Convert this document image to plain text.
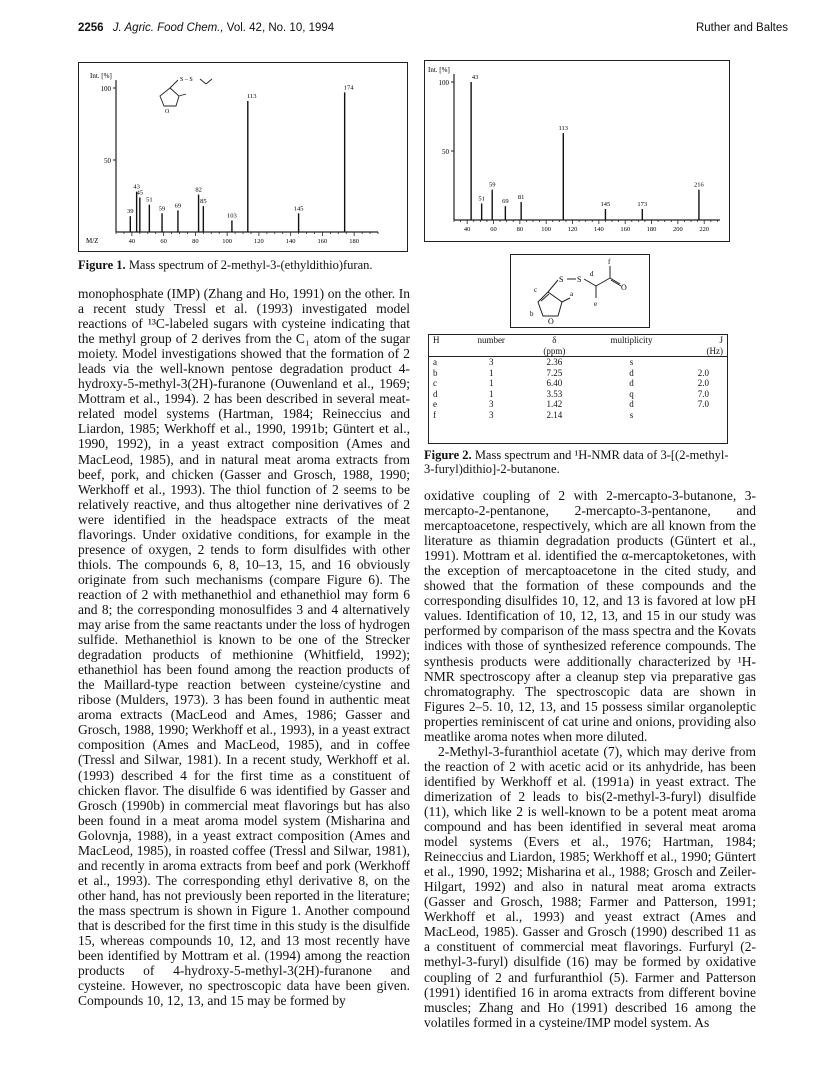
2256 J. Agric. Food Chem., Vol. 42, No. 10, 1994	Ruther and Baltes
Int. [%]
M/Z
100
50
40	60	80	100	120	140	160	180
39
43
45
51
59 69
82
85
103
113
145
174
S – S
O
Figure 1. Mass spectrum of 2-methyl-3-(ethyldithio)furan.
Int. [%]
100
50
40	60	80	100	120	140	160	180	200	220
43
51
59
69
81
113
145	173
216
O
a
b
c
S S
d
e
f
O
H	number	δ	multiplicity	J
		(ppm)		(Hz)
a	3	2.36	s	
b	1	7.25	d	2.0
c	1	6.40	d	2.0
d	1	3.53	q	7.0
e	3	1.42	d	7.0
f	3	2.14	s	
Figure 2. Mass spectrum and ¹H-NMR data of 3-[(2-methyl-3-furyl)dithio]-2-butanone.

monophosphate (IMP) (Zhang and Ho, 1991) on the other. In a recent study Tressl et al. (1993) investigated model reactions of ¹³C-labeled sugars with cysteine indicating that the methyl group of 2 derives from the C₁ atom of the sugar moiety. Model investigations showed that the formation of 2 leads via the well-known pentose degradation product 4-hydroxy-5-methyl-3(2H)-furanone (Ouwenland et al., 1969; Mottram et al., 1994). 2 has been described in several meat-related model systems (Hartman, 1984; Reineccius and Liardon, 1985; Werkhoff et al., 1990, 1991b; Güntert et al., 1990, 1992), in a yeast extract composition (Ames and MacLeod, 1985), and in natural meat aroma extracts from beef, pork, and chicken (Gasser and Grosch, 1988, 1990; Werkhoff et al., 1993). The thiol function of 2 seems to be relatively reactive, and thus altogether nine derivatives of 2 were identified in the headspace extracts of the meat flavorings. Under oxidative conditions, for example in the presence of oxygen, 2 tends to form disulfides with other thiols. The compounds 6, 8, 10–13, 15, and 16 obviously originate from such mechanisms (compare Figure 6). The reaction of 2 with methanethiol and ethanethiol may form 6 and 8; the corresponding monosulfides 3 and 4 alternatively may arise from the same reactants under the loss of hydrogen sulfide. Methanethiol is known to be one of the Strecker degradation products of methionine (Whitfield, 1992); ethanethiol has been found among the reaction products of the Maillard-type reaction between cysteine/cystine and ribose (Mulders, 1973). 3 has been found in authentic meat aroma extracts (MacLeod and Ames, 1986; Gasser and Grosch, 1988, 1990; Werkhoff et al., 1993), in a yeast extract composition (Ames and MacLeod, 1985), and in coffee (Tressl and Silwar, 1981). In a recent study, Werkhoff et al. (1993) described 4 for the first time as a constituent of chicken flavor. The disulfide 6 was identified by Gasser and Grosch (1990b) in commercial meat flavorings but has also been found in a meat aroma model system (Misharina and Golovnja, 1988), in a yeast extract composition (Ames and MacLeod, 1985), in roasted coffee (Tressl and Silwar, 1981), and recently in aroma extracts from beef and pork (Werkhoff et al., 1993). The corresponding ethyl derivative 8, on the other hand, has not previously been reported in the literature; the mass spectrum is shown in Figure 1. Another compound that is described for the first time in this study is the disulfide 15, whereas compounds 10, 12, and 13 most recently have been identified by Mottram et al. (1994) among the reaction products of 4-hydroxy-5-methyl-3(2H)-furanone and cysteine. However, no spectroscopic data have been given. Compounds 10, 12, 13, and 15 may be formed by

oxidative coupling of 2 with 2-mercapto-3-butanone, 3-mercapto-2-pentanone, 2-mercapto-3-pentanone, and mercaptoacetone, respectively, which are all known from the literature as thiamin degradation products (Güntert et al., 1991). Mottram et al. identified the α-mercaptoketones, with the exception of mercaptoacetone in the cited study, and showed that the formation of these compounds and the corresponding disulfides 10, 12, and 13 is favored at low pH values. Identification of 10, 12, 13, and 15 in our study was performed by comparison of the mass spectra and the Kovats indices with those of synthesized reference compounds. The synthesis products were additionally characterized by ¹H-NMR spectroscopy after a cleanup step via preparative gas chromatography. The spectroscopic data are shown in Figures 2–5. 10, 12, 13, and 15 possess similar organoleptic properties reminiscent of cat urine and onions, providing also meatlike aroma notes when more diluted.

2-Methyl-3-furanthiol acetate (7), which may derive from the reaction of 2 with acetic acid or its anhydride, has been identified by Werkhoff et al. (1991a) in yeast extract. The dimerization of 2 leads to bis(2-methyl-3-furyl) disulfide (11), which like 2 is well-known to be a potent meat aroma compound and has been identified in several meat aroma model systems (Evers et al., 1976; Hartman, 1984; Reineccius and Liardon, 1985; Werkhoff et al., 1990; Güntert et al., 1990, 1992; Misharina et al., 1988; Grosch and Zeiler-Hilgart, 1992) and also in natural meat aroma extracts (Gasser and Grosch, 1988; Farmer and Patterson, 1991; Werkhoff et al., 1993) and yeast extract (Ames and MacLeod, 1985). Gasser and Grosch (1990) described 11 as a constituent of commercial meat flavorings. Furfuryl (2-methyl-3-furyl) disulfide (16) may be formed by oxidative coupling of 2 and furfuranthiol (5). Farmer and Patterson (1991) identified 16 in aroma extracts from different bovine muscles; Zhang and Ho (1991) described 16 among the volatiles formed in a cysteine/IMP model system. As
